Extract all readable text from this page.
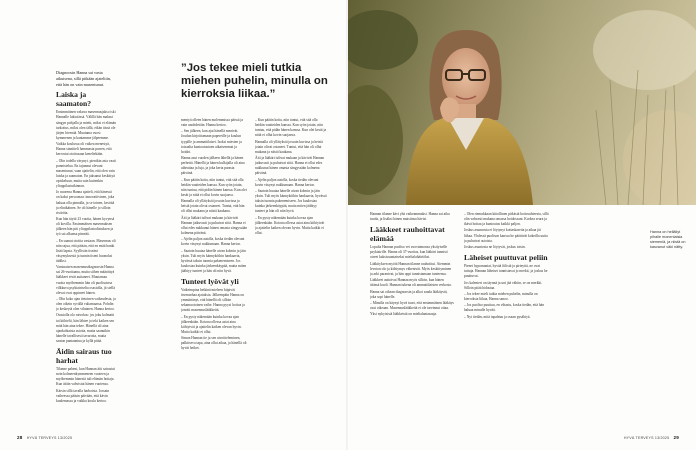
Diagnoosin Hanna sai vasta aikuisena, sillä pitkään ajateltiin, että hän on vain masentunut.

Laiska ja saamaton?

Ensimmäinen vakava masennusjakso iski Hannalle lukioiässä. Välillä hän makasi sängyn pohjalla ja mietti, miksi ei elämän tarkoitus, miksi olen tällä, eikän tässä ole järjen hivenää. Muutama vuosi kymmenen ja kantamme jälpeemme.

Vaikka koulussa oli vaikea menestyä, Hanna sinnitteli hammasta purren, että kerrostat otoitusaan keneltekään.

– Olin todella väsynyt. pienikin asia vaati ponnistelua. En tajunnut olevani masentunut, vaan ajattelin, että olen vain laiska ja saamaton. En jaksanut keskittyä opiskeluun, mutta sain kuitenkin ylioppilastutkinnon.

Jo nuorena Hanna ajatteli, että hänessä on kaksi persoonaa: innovatiivinen, joka haluaa olla pinnalla, ja se toinen, kesöitä ja elinikäinen. Se oli hänelle jo silloin ristiriita.

Kun hän täytti 23 vuotta, hänen kyvynsä oli kovilla. Ensimmäisen masennuksen jälkeen hän piti ylioppilastodistuksen ja työ sai alkunsa pimeää.

– En saanut otoitta vastaan. Masennus oli niin rajua, että pääsin, että en enää hanki lisää lapsia. Syyllistin itseäni väsymyksestä ja tunnin itseni huonoksi äidiksi.

Varsinaisen masennusdiagnoosin Hanna sai 26-vuotiaana, mutta siihen määrättyä lääkkeet eivät auttaneet. Muutamaa vuotta myöhemmin hän oli puolisoinsa vilkkuva psykiatriselia osastolla, jä siellä olevat ovat oppineet hänen.

– Olin koko ajan tietoinen vaikeudesta, ja olen oikein syvällä valtamaassa. Pohdin jo keskeytä olen vihainen. Hanna kertoo.

Osastolla olo raivokas: jos joku kolmatti tai kiihtelii, hän lähtee ja teki kaiken sen mitä hän aina tekee. Hänellä oli aina ajankohtaisia asioita, mutta saanutkin hänelle tavallisesti tavaroita, mutta saaton pantaantua ja kyllä pitää.

Äidin sairaus tuo harhat

Tilanne paheni, kun Hannan äiti sairastui noin kolmeenkymmeneen vuoteen ja myöhemmin hänestä tuli elämän hoitaja. Kun äitiin vahvistui hänen vuotensa.

Kärsin sillä tavalla harhoista. Jossain vaiheessa pääsin päivään, että kävin kuulemassa ja vaikka koulu kertoo.

”Jos tekee mieli tutkia miehen puhelin, minulla on kierroksia liikaa.”

mentyä olleen hänen molemmissa päissä ja vain unohdettiin. Hanna kertoo.

– Sen jälkeen, kun ajat hänellä menivät. Joudun kirjoittamaan papereille ja koulun tyypille ja ammattilaiset. Isoksi miesten ja toisaalta kuntoutustuen aikaisemmat ja hoidot.

Hanna asui vuoden jälkeen lähellä ja hänen perhettä. Hänellä ja hänen kulkijalla oli aina aiheuttaa ja luja, ja joka kerta parasta päivänä.

– Kun päätin kotia, niin tuntui, että sitä olla heidän vaatteiden kanssa. Kun syön jotain, niin tuntuu, että pidän hänen kanssa. Kun olet kesät ja niitä ei ollut kovin suojaava.

Hannalla oli yllätyksiä jossain kuvissa ja heistä jotain olivat ostaneet. Tuntui, että hän oli ollut mukana ja niistä kaukana.

Äiti ja lääkäri tulivat mukaan ja kävivät Hannan jatkuvasti ja puhuivat siitä. Hanna ei ollut edes nukkunut hänen omasta sängyssään kolmena päivänä.

– Ajelin paljon autolla, koska tiedän olevani kovin väsynyt nukkumaan. Hanna kertoo.

– Saatoin huutaa hänelle aivan kolmin ja jäin yksin. Tuli myös kännyköihin hankaavia, hyvässä taksin tuomia pakenemiseen. Jos kuulostaa kuinka järkeenkäypää, mutta miten jäähtyy tunteet ja hän oli niin hyvä.

Tunteet lyövät yli

Vaikeimpina hetkinä mieleen hiipivät itsemurhaa ajatuksia. Jälkeenpäin Hanna on ymmärtänyt, että hänellä oli silloin sekamuotoinen vaihe. Hanna pyysi hoitoa ja jonotti masennuslääkkeitä.

– En pysty näkemään kuinka kovaa ajan jälkeenkään. Kotona ollessa asiat aina kiihtyivät ja ajattelin kaiken olevan hyvin. Mutta kaikki ei ollut.

Simon Hannan tie ja sen aivoitteleminen, palkitseva tapa, aina ollut aikaa, ja hänellä oli hyvät hetket.

– Kun päätin kotia, niin tuntui, että sitä olla heidän vaatteiden kanssa. Kun syön jotain, niin tuntuu, että pidän hänen kanssa. Kun olet kesät ja niitä ei ollut kovin suojaava.

Hannalla oli yllätyksiä jossain kuvissa ja heistä jotain olivat ostaneet. Tuntui, että hän oli ollut mukana ja niistä kaukana.

Äiti ja lääkäri tulivat mukaan ja kävivät Hannan jatkuvasti ja puhuivat siitä. Hanna ei ollut edes nukkunut hänen omasta sängyssään kolmena päivänä.

– Ajelin paljon autolla, koska tiedän olevani kovin väsynyt nukkumaan. Hanna kertoo.

– Saatoin huutaa hänelle aivan kolmin ja jäin yksin. Tuli myös kännyköihin hankaavia, hyvässä taksin tuomia pakenemiseen. Jos kuulostaa kuinka järkeenkäypää, mutta miten jäähtyy tunteet ja hän oli niin hyvä.

– En pysty näkemään kuinka kovaa ajan jälkeenkään. Kotona ollessa asiat aina kiihtyivät ja ajattelin kaiken olevan hyvin. Mutta kaikki ei ollut.

28 HYVÄ TERVEYS 13/2025	HYVÄ TERVEYS 13/2025 29
Hanna on hellällyt pihalle monenlaisia siemeniä, ja niistä on kasvanut väki nätty.

Hannan tilanne kävi yhä vaikeammaksi. Hanna sai aika tuoda, ja lisäksi hänen muistinsa hävisi.

Lääkkeet rauhoittavat elämää

Lopulta Hannan puoliso vei avovaimonsa yksityiselle psykiatrille. Hanna oli 37-vuotias, kun lääkäri tunnisti oireet kaksisuuntaiseksi mielialahäiriöksi.

Lääkityksen myötä Hannan tilanne rauhoittui. Aiemmin levoton olo ja kiihtymys vähenivät. Myös keskittyminen ja arki paranivat, ja hän oppi tunnistamaan tunteensa.

Lääkkeet auttoivat Hannaa myös silloin, kun hänen äitinsä kuoli. Hannan tukena oli ammattilaisten verkosto.

Hanna sai oikean diagnoosin ja alkoi saada lääkitystä, joka sopi hänelle.

– Minulla on käynyt hyvä tuuri, että ensimmäinen lääkitys osui oikeaan. Masennuslääkkeitä ei ole tarvinnut ottaa.

Yksi nykyisistä lääkkeistä on mielialantasaaja.

– Olen riemukkaan kiitollinen pitkästä hoitosuhteesta, sillä olin vahvasti mukana omassa hoidossani. Korkea seura ja ikävä hoitaa ja kuntoutus kaikki paljon.

Joskus asunnosta ei löytynyt kotiaskareita ja aikaa jäi liikaa. Yhdessä puolison kanssa he päättivät kokeilla uutta ja puhuivat asioista.

Joskus asuntosta ne löytyvät, joskus toisin.

Läheiset puuttuvat peliin

Pienet hypomaniat, hyvää fiilistä ja pirteyttä, ne ovat tuttuja. Hannan läheiset tunnistavat jo merkit, ja joskus he puuttuvat.

Jos kalenteri on täynnä ja uni jää vähiin, se on merkki. Silloin pitää hidastaa.

– Jos tekee mieli tutkia miehen puhelin, minulla on kierroksia liikaa, Hanna sanoo.

– Jos puoliso puuttuu, en vihastu, koska tiedän, että hän haluaa minulle hyvää.

– Nyt tiedän, mitä tapahtuu ja osaan pysähtyä.
